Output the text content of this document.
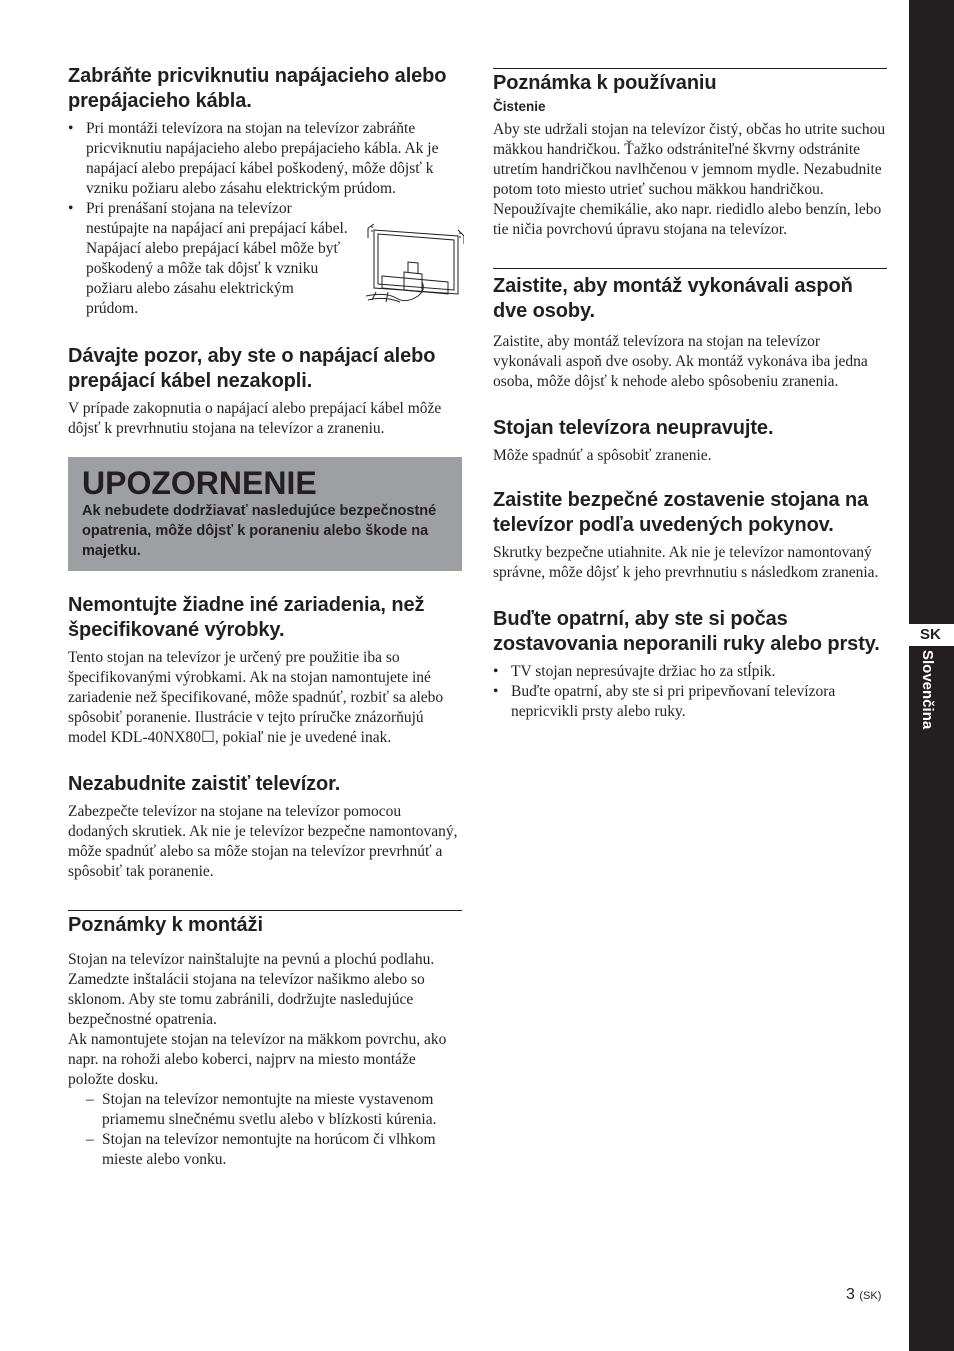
SK
Slovenčina
Zabráňte pricviknutiu napájacieho alebo prepájacieho kábla.
• Pri montáži televízora na stojan na televízor zabráňte pricviknutiu napájacieho alebo prepájacieho kábla. Ak je napájací alebo prepájací kábel poškodený, môže dôjsť k vzniku požiaru alebo zásahu elektrickým prúdom.
• Pri prenášaní stojana na televízor nestúpajte na napájací ani prepájací kábel. Napájací alebo prepájací kábel môže byť poškodený a môže tak dôjsť k vzniku požiaru alebo zásahu elektrickým prúdom.
Dávajte pozor, aby ste o napájací alebo prepájací kábel nezakopli.

V prípade zakopnutia o napájací alebo prepájací kábel môže dôjsť k prevrhnutiu stojana na televízor a zraneniu.

UPOZORNENIE
Ak nebudete dodržiavať nasledujúce bezpečnostné opatrenia, môže dôjsť k poraneniu alebo škode na majetku.
Nemontujte žiadne iné zariadenia, než špecifikované výrobky.

Tento stojan na televízor je určený pre použitie iba so špecifikovanými výrobkami. Ak na stojan namontujete iné zariadenie než špecifikované, môže spadnúť, rozbiť sa alebo spôsobiť poranenie. Ilustrácie v tejto príručke znázorňujú model KDL-40NX80☐, pokiaľ nie je uvedené inak.

Nezabudnite zaistiť televízor.

Zabezpečte televízor na stojane na televízor pomocou dodaných skrutiek. Ak nie je televízor bezpečne namontovaný, môže spadnúť alebo sa môže stojan na televízor prevrhnúť a spôsobiť tak poranenie.

Poznámky k montáži

Stojan na televízor nainštalujte na pevnú a plochú podlahu. Zamedzte inštalácii stojana na televízor našikmo alebo so sklonom. Aby ste tomu zabránili, dodržujte nasledujúce bezpečnostné opatrenia.

Ak namontujete stojan na televízor na mäkkom povrchu, ako napr. na rohoži alebo koberci, najprv na miesto montáže položte dosku.

– Stojan na televízor nemontujte na mieste vystavenom priamemu slnečnému svetlu alebo v blízkosti kúrenia.
– Stojan na televízor nemontujte na horúcom či vlhkom mieste alebo vonku.
Poznámka k používaniu
Čistenie

Aby ste udržali stojan na televízor čistý, občas ho utrite suchou mäkkou handričkou. Ťažko odstrániteľné škvrny odstránite utretím handričkou navlhčenou v jemnom mydle. Nezabudnite potom toto miesto utrieť suchou mäkkou handričkou. Nepoužívajte chemikálie, ako napr. riedidlo alebo benzín, lebo tie ničia povrchovú úpravu stojana na televízor.

Zaistite, aby montáž vykonávali aspoň dve osoby.

Zaistite, aby montáž televízora na stojan na televízor vykonávali aspoň dve osoby. Ak montáž vykonáva iba jedna osoba, môže dôjsť k nehode alebo spôsobeniu zranenia.

Stojan televízora neupravujte.

Môže spadnúť a spôsobiť zranenie.

Zaistite bezpečné zostavenie stojana na televízor podľa uvedených pokynov.

Skrutky bezpečne utiahnite. Ak nie je televízor namontovaný správne, môže dôjsť k jeho prevrhnutiu s následkom zranenia.

Buďte opatrní, aby ste si počas zostavovania neporanili ruky alebo prsty.
• TV stojan nepresúvajte držiac ho za stĺpik.
• Buďte opatrní, aby ste si pri pripevňovaní televízora nepricvikli prsty alebo ruky.
3 (SK)
